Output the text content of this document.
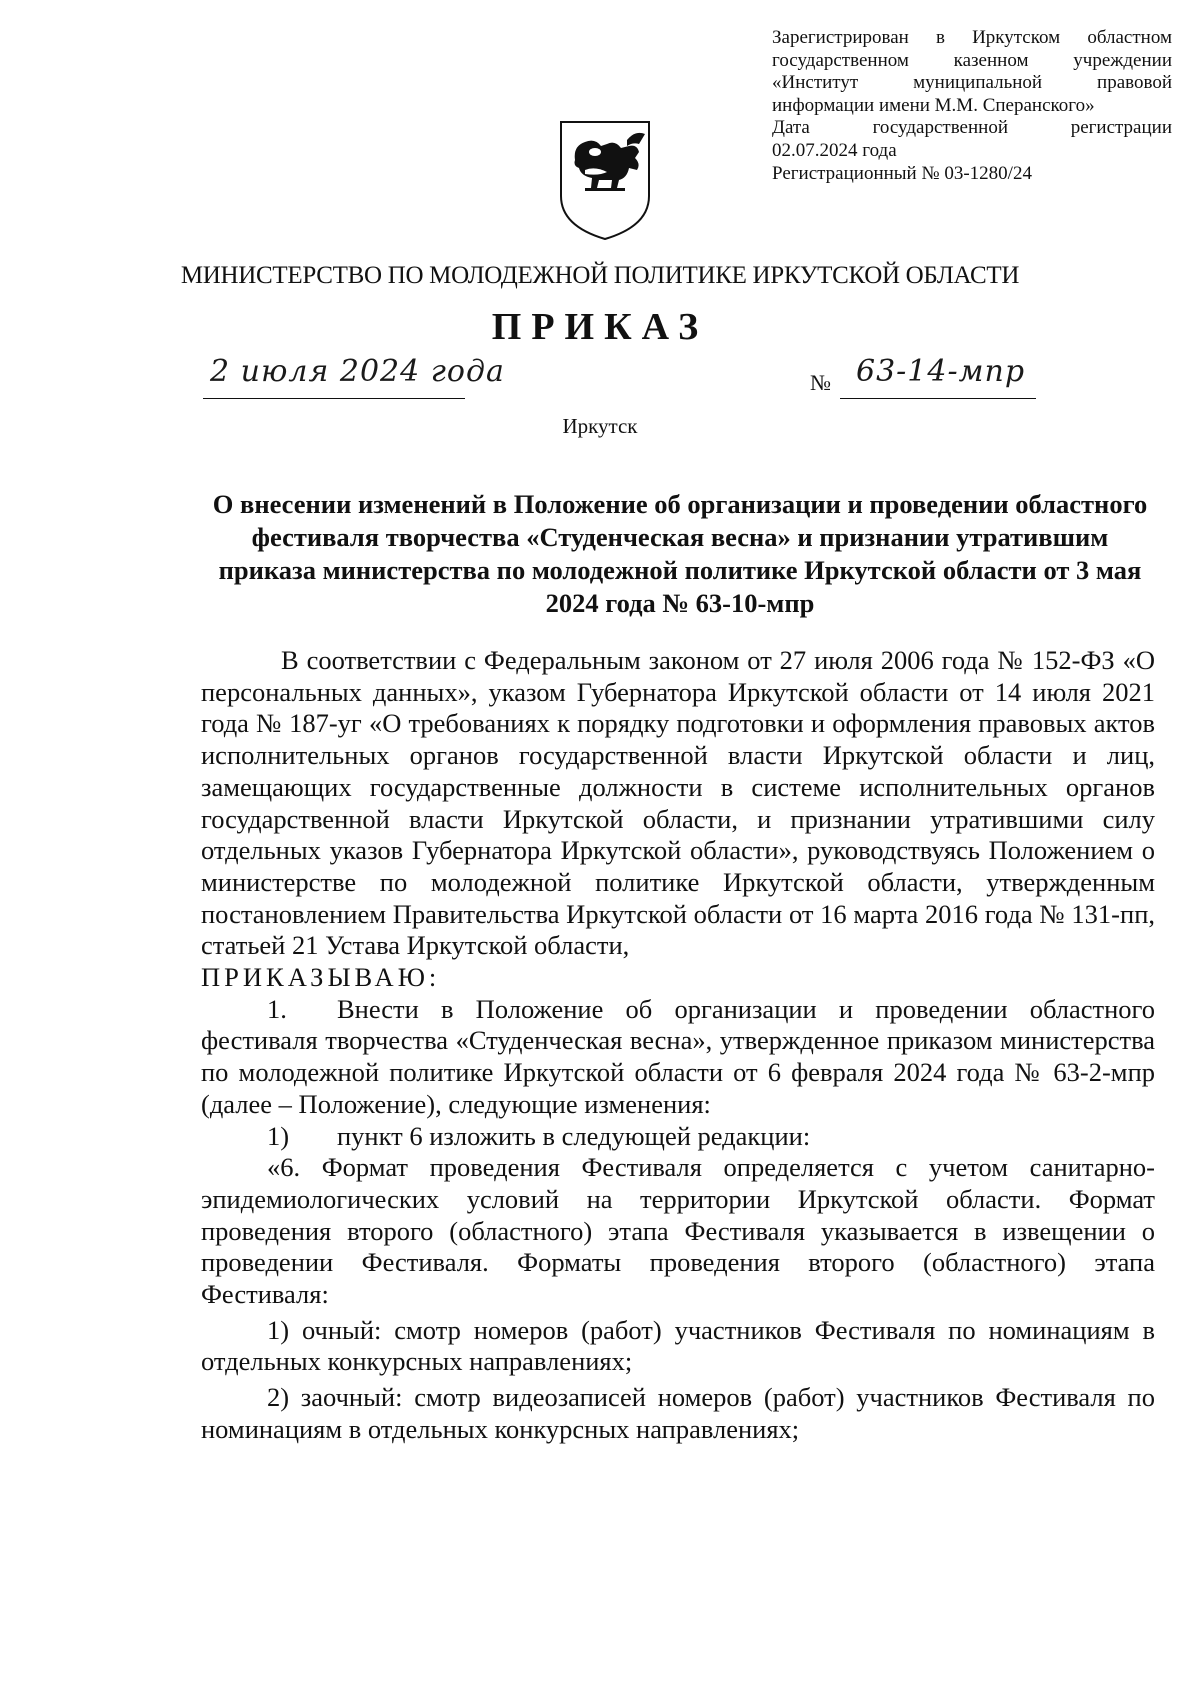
Зарегистрирован в Иркутском областном
государственном казенном учреждении
«Институт муниципальной правовой
информации имени М.М. Сперанского»
Дата государственной регистрации
02.07.2024 года
Регистрационный № 03-1280/24
МИНИСТЕРСТВО ПО МОЛОДЕЖНОЙ ПОЛИТИКЕ ИРКУТСКОЙ ОБЛАСТИ
ПРИКАЗ
2 июля 2024 года	№ 63-14-мпр
Иркутск
О внесении изменений в Положение об организации и проведении областного фестиваля творчества «Студенческая весна» и признании утратившим приказа министерства по молодежной политике Иркутской области от 3 мая 2024 года № 63-10-мпр

В соответствии с Федеральным законом от 27 июля 2006 года № 152-ФЗ «О персональных данных», указом Губернатора Иркутской области от 14 июля 2021 года № 187-уг «О требованиях к порядку подготовки и оформления правовых актов исполнительных органов государственной власти Иркутской области и лиц, замещающих государственные должности в системе исполнительных органов государственной власти Иркутской области, и признании утратившими силу отдельных указов Губернатора Иркутской области», руководствуясь Положением о министерстве по молодежной политике Иркутской области, утвержденным постановлением Правительства Иркутской области от 16 марта 2016 года № 131-пп, статьей 21 Устава Иркутской области,

ПРИКАЗЫВАЮ:

1. Внести в Положение об организации и проведении областного фестиваля творчества «Студенческая весна», утвержденное приказом министерства по молодежной политике Иркутской области от 6 февраля 2024 года № 63-2-мпр (далее – Положение), следующие изменения:

1) пункт 6 изложить в следующей редакции:

«6. Формат проведения Фестиваля определяется с учетом санитарно-эпидемиологических условий на территории Иркутской области. Формат проведения второго (областного) этапа Фестиваля указывается в извещении о проведении Фестиваля. Форматы проведения второго (областного) этапа Фестиваля:

1) очный: смотр номеров (работ) участников Фестиваля по номинациям в отдельных конкурсных направлениях;

2) заочный: смотр видеозаписей номеров (работ) участников Фестиваля по номинациям в отдельных конкурсных направлениях;
